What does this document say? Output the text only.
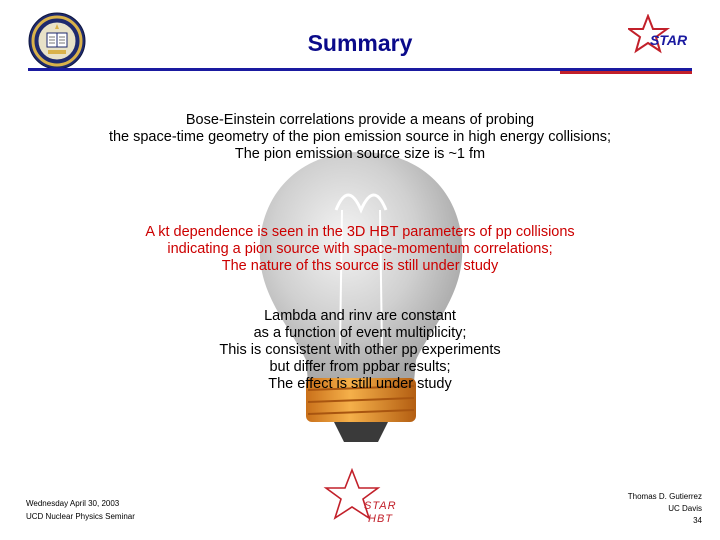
STAR
Summary
Bose-Einstein correlations provide a means of probing
the space-time geometry of the pion emission source in high energy collisions;
The pion emission source size is ~1 fm
A kt dependence is seen in the 3D HBT parameters of pp collisions
indicating a pion source with space-momentum correlations;
The nature of ths source is still under study
Lambda and rinv are constant
as a function of event multiplicity;
This is consistent with other pp experiments
but differ from ppbar results;
The effect is still under study
Wednesday April 30, 2003
UCD Nuclear Physics Seminar
STAR
HBT
Thomas D. Gutierrez
UC Davis
34
